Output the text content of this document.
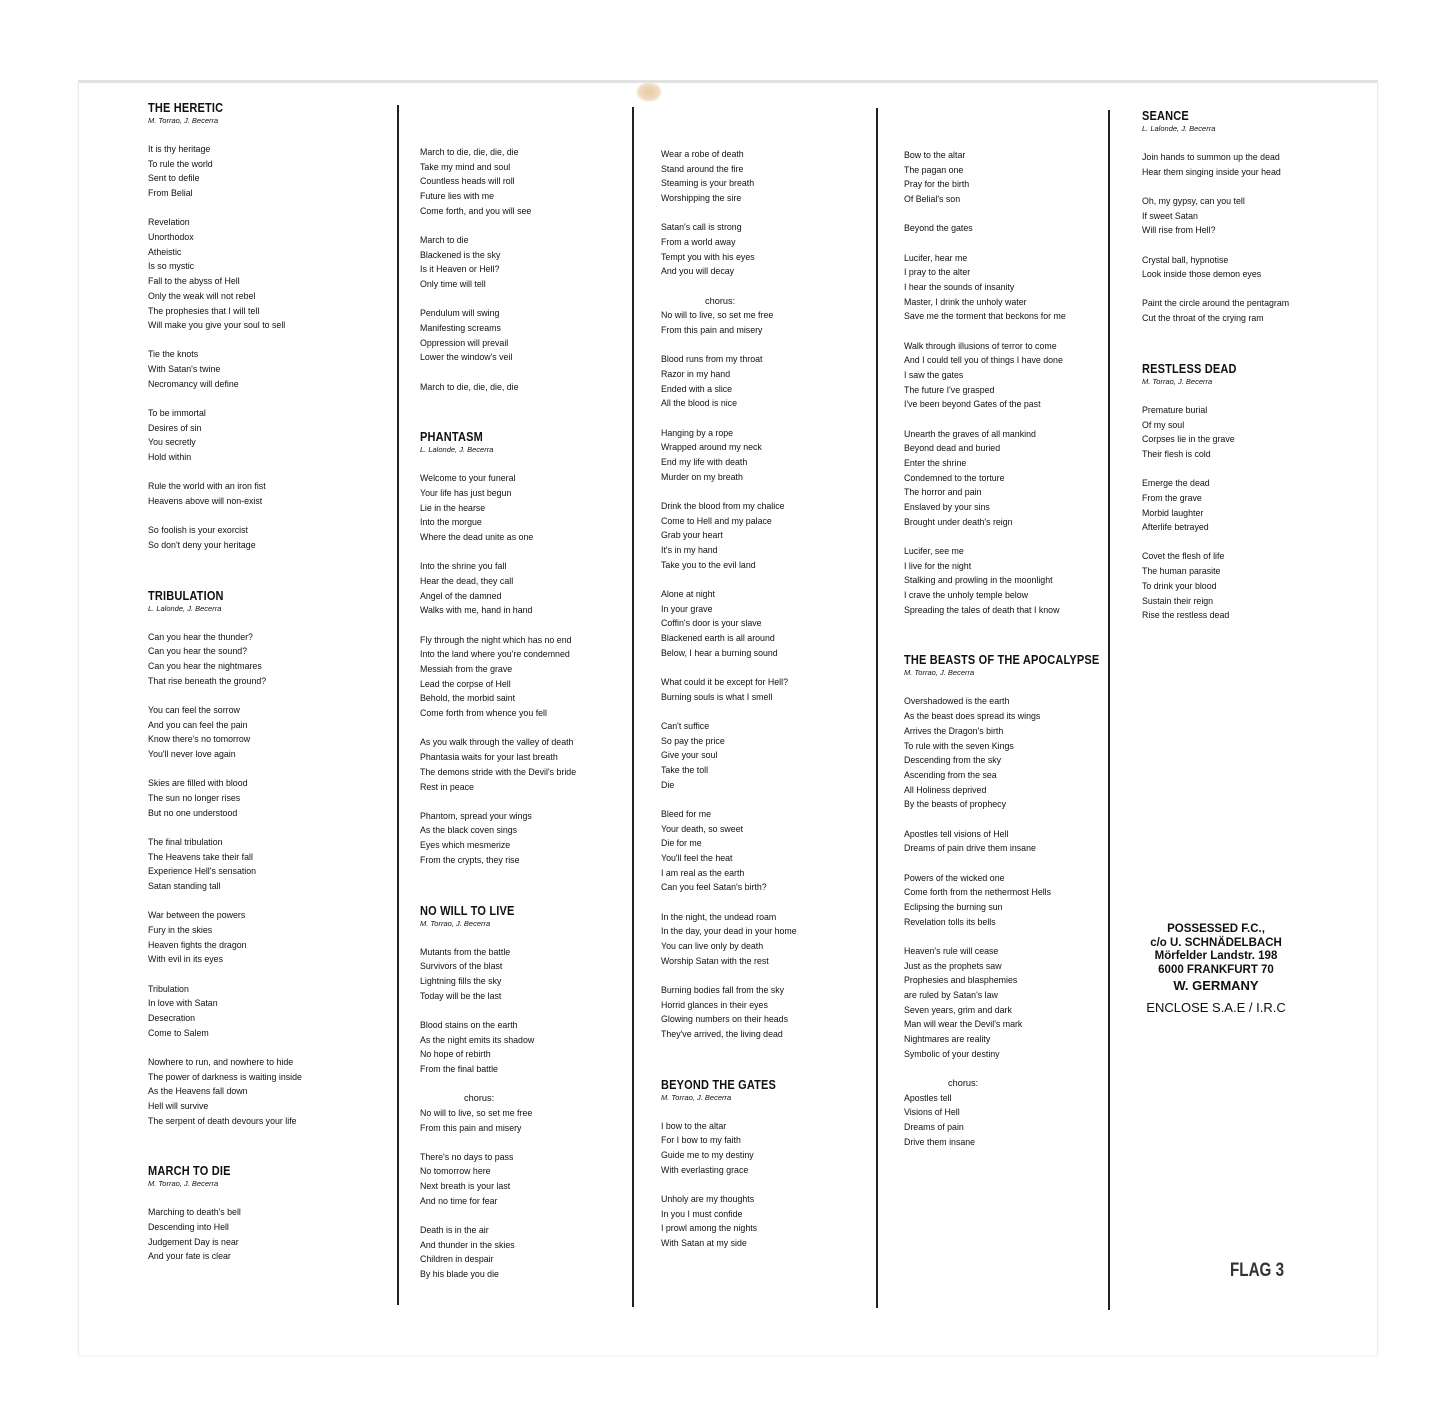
THE HERETIC
M. Torrao, J. Becerra
It is thy heritage
To rule the world
Sent to defile
From Belial
Revelation
Unorthodox
Atheistic
Is so mystic
Fall to the abyss of Hell
Only the weak will not rebel
The prophesies that I will tell
Will make you give your soul to sell
Tie the knots
With Satan's twine
Necromancy will define
To be immortal
Desires of sin
You secretly
Hold within
Rule the world with an iron fist
Heavens above will non-exist
So foolish is your exorcist
So don't deny your heritage
TRIBULATION
L. Lalonde, J. Becerra
Can you hear the thunder?
Can you hear the sound?
Can you hear the nightmares
That rise beneath the ground?
You can feel the sorrow
And you can feel the pain
Know there's no tomorrow
You'll never love again
Skies are filled with blood
The sun no longer rises
But no one understood
The final tribulation
The Heavens take their fall
Experience Hell's sensation
Satan standing tall
War between the powers
Fury in the skies
Heaven fights the dragon
With evil in its eyes
Tribulation
In love with Satan
Desecration
Come to Salem
Nowhere to run, and nowhere to hide
The power of darkness is waiting inside
As the Heavens fall down
Hell will survive
The serpent of death devours your life
MARCH TO DIE
M. Torrao, J. Becerra
Marching to death's bell
Descending into Hell
Judgement Day is near
And your fate is clear
March to die, die, die, die
Take my mind and soul
Countless heads will roll
Future lies with me
Come forth, and you will see
March to die
Blackened is the sky
Is it Heaven or Hell?
Only time will tell
Pendulum will swing
Manifesting screams
Oppression will prevail
Lower the window's veil
March to die, die, die, die
PHANTASM
L. Lalonde, J. Becerra
Welcome to your funeral
Your life has just begun
Lie in the hearse
Into the morgue
Where the dead unite as one
Into the shrine you fall
Hear the dead, they call
Angel of the damned
Walks with me, hand in hand
Fly through the night which has no end
Into the land where you're condemned
Messiah from the grave
Lead the corpse of Hell
Behold, the morbid saint
Come forth from whence you fell
As you walk through the valley of death
Phantasia waits for your last breath
The demons stride with the Devil's bride
Rest in peace
Phantom, spread your wings
As the black coven sings
Eyes which mesmerize
From the crypts, they rise
NO WILL TO LIVE
M. Torrao, J. Becerra
Mutants from the battle
Survivors of the blast
Lightning fills the sky
Today will be the last
Blood stains on the earth
As the night emits its shadow
No hope of rebirth
From the final battle
chorus:
No will to live, so set me free
From this pain and misery
There's no days to pass
No tomorrow here
Next breath is your last
And no time for fear
Death is in the air
And thunder in the skies
Children in despair
By his blade you die
Wear a robe of death
Stand around the fire
Steaming is your breath
Worshipping the sire
Satan's call is strong
From a world away
Tempt you with his eyes
And you will decay
chorus:
No will to live, so set me free
From this pain and misery
Blood runs from my throat
Razor in my hand
Ended with a slice
All the blood is nice
Hanging by a rope
Wrapped around my neck
End my life with death
Murder on my breath
Drink the blood from my chalice
Come to Hell and my palace
Grab your heart
It's in my hand
Take you to the evil land
Alone at night
In your grave
Coffin's door is your slave
Blackened earth is all around
Below, I hear a burning sound
What could it be except for Hell?
Burning souls is what I smell
Can't suffice
So pay the price
Give your soul
Take the toll
Die
Bleed for me
Your death, so sweet
Die for me
You'll feel the heat
I am real as the earth
Can you feel Satan's birth?
In the night, the undead roam
In the day, your dead in your home
You can live only by death
Worship Satan with the rest
Burning bodies fall from the sky
Horrid glances in their eyes
Glowing numbers on their heads
They've arrived, the living dead
BEYOND THE GATES
M. Torrao, J. Becerra
I bow to the altar
For I bow to my faith
Guide me to my destiny
With everlasting grace
Unholy are my thoughts
In you I must confide
I prowl among the nights
With Satan at my side
Bow to the altar
The pagan one
Pray for the birth
Of Belial's son
Beyond the gates
Lucifer, hear me
I pray to the alter
I hear the sounds of insanity
Master, I drink the unholy water
Save me the torment that beckons for me
Walk through illusions of terror to come
And I could tell you of things I have done
I saw the gates
The future I've grasped
I've been beyond Gates of the past
Unearth the graves of all mankind
Beyond dead and buried
Enter the shrine
Condemned to the torture
The horror and pain
Enslaved by your sins
Brought under death's reign
Lucifer, see me
I live for the night
Stalking and prowling in the moonlight
I crave the unholy temple below
Spreading the tales of death that I know
THE BEASTS OF THE APOCALYPSE
M. Torrao, J. Becerra
Overshadowed is the earth
As the beast does spread its wings
Arrives the Dragon's birth
To rule with the seven Kings
Descending from the sky
Ascending from the sea
All Holiness deprived
By the beasts of prophecy
Apostles tell visions of Hell
Dreams of pain drive them insane
Powers of the wicked one
Come forth from the nethermost Hells
Eclipsing the burning sun
Revelation tolls its bells
Heaven's rule will cease
Just as the prophets saw
Prophesies and blasphemies
are ruled by Satan's law
Seven years, grim and dark
Man will wear the Devil's mark
Nightmares are reality
Symbolic of your destiny
chorus:
Apostles tell
Visions of Hell
Dreams of pain
Drive them insane
SEANCE
L. Lalonde, J. Becerra
Join hands to summon up the dead
Hear them singing inside your head
Oh, my gypsy, can you tell
If sweet Satan
Will rise from Hell?
Crystal ball, hypnotise
Look inside those demon eyes
Paint the circle around the pentagram
Cut the throat of the crying ram
RESTLESS DEAD
M. Torrao, J. Becerra
Premature burial
Of my soul
Corpses lie in the grave
Their flesh is cold
Emerge the dead
From the grave
Morbid laughter
Afterlife betrayed
Covet the flesh of life
The human parasite
To drink your blood
Sustain their reign
Rise the restless dead
POSSESSED F.C.,
c/o U. SCHNÄDELBACH
Mörfelder Landstr. 198
6000 FRANKFURT 70
W. GERMANY
ENCLOSE S.A.E / I.R.C
FLAG 3
